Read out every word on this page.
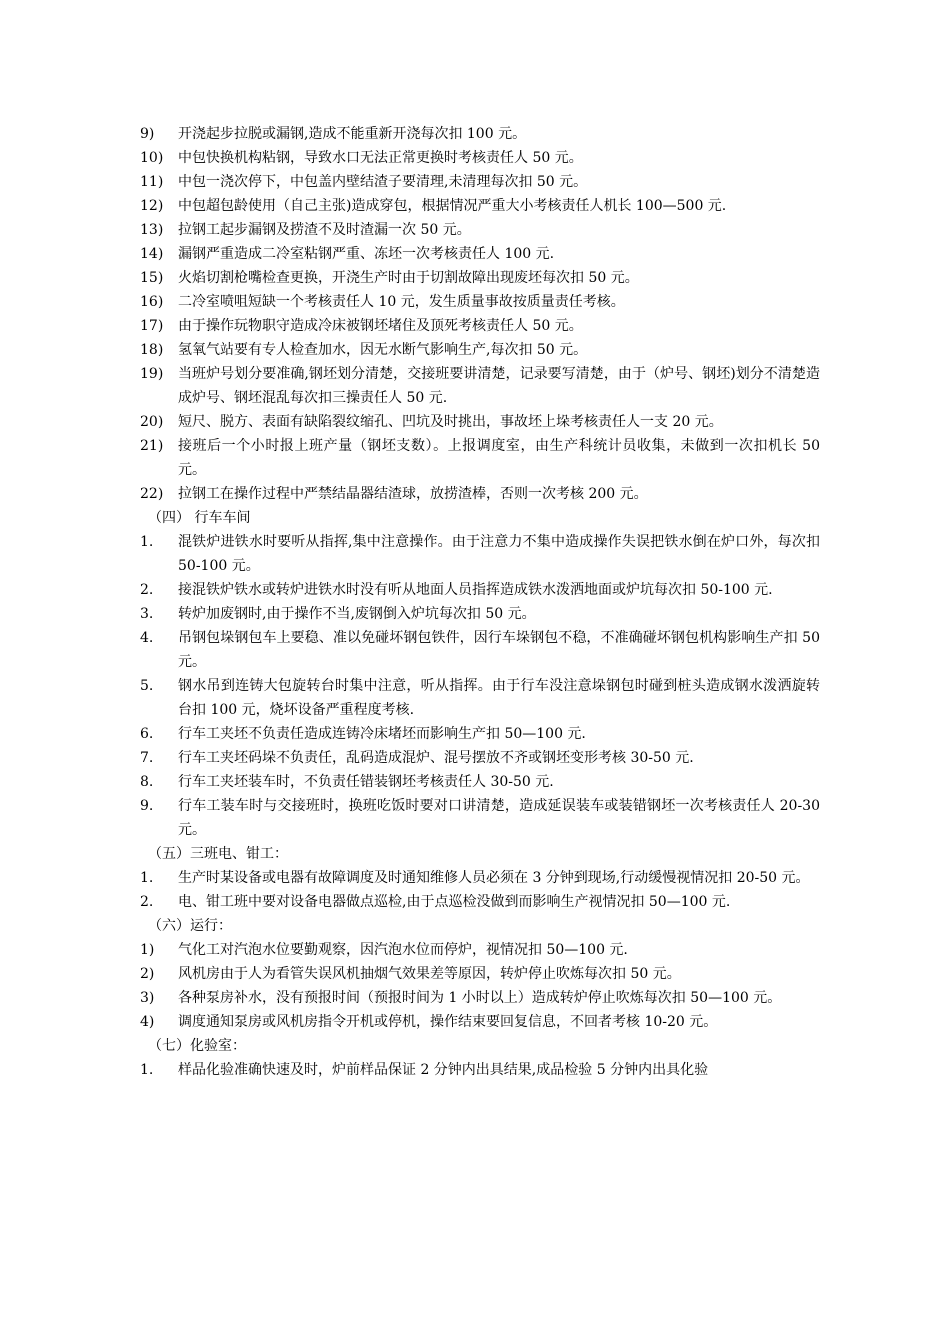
9)	开浇起步拉脱或漏钢,造成不能重新开浇每次扣 100 元。
10)	中包快换机构粘钢，导致水口无法正常更换时考核责任人 50 元。
11)	中包一浇次停下，中包盖内壁结渣子要清理,未清理每次扣 50 元。
12)	中包超包龄使用（自己主张)造成穿包，根据情况严重大小考核责任人机长 100—500 元.
13)	拉钢工起步漏钢及捞渣不及时渣漏一次 50 元。
14)	漏钢严重造成二冷室粘钢严重、冻坯一次考核责任人 100 元.
15)	火焰切割枪嘴检查更换，开浇生产时由于切割故障出现废坯每次扣 50 元。
16)	二冷室喷咀短缺一个考核责任人 10 元，发生质量事故按质量责任考核。
17)	由于操作玩物职守造成冷床被钢坯堵住及顶死考核责任人 50 元。
18)	氢氧气站要有专人检查加水，因无水断气影响生产,每次扣 50 元。
19)	当班炉号划分要准确,钢坯划分清楚，交接班要讲清楚，记录要写清楚，由于（炉号、钢坯)划分不清楚造成炉号、钢坯混乱每次扣三操责任人 50 元.
20)	短尺、脱方、表面有缺陷裂纹缩孔、凹坑及时挑出，事故坯上垛考核责任人一支 20 元。
21)	接班后一个小时报上班产量（钢坯支数）。上报调度室，由生产科统计员收集，未做到一次扣机长 50 元。
22)	拉钢工在操作过程中严禁结晶器结渣球，放捞渣棒，否则一次考核 200 元。
（四） 行车车间
1.	混铁炉进铁水时要听从指挥,集中注意操作。由于注意力不集中造成操作失误把铁水倒在炉口外，每次扣 50-100 元。
2.	接混铁炉铁水或转炉进铁水时没有听从地面人员指挥造成铁水泼洒地面或炉坑每次扣 50-100 元.
3.	转炉加废钢时,由于操作不当,废钢倒入炉坑每次扣 50 元。
4.	吊钢包垛钢包车上要稳、准以免碰坏钢包铁件，因行车垛钢包不稳，不准确碰坏钢包机构影响生产扣 50 元。
5.	钢水吊到连铸大包旋转台时集中注意，听从指挥。由于行车没注意垛钢包时碰到桩头造成钢水泼洒旋转台扣 100 元，烧坏设备严重程度考核.
6.	行车工夹坯不负责任造成连铸冷床堵坯而影响生产扣 50—100 元.
7.	行车工夹坯码垛不负责任，乱码造成混炉、混号摆放不齐或钢坯变形考核 30-50 元.
8.	行车工夹坯装车时，不负责任错装钢坯考核责任人 30-50 元.
9.	行车工装车时与交接班时，换班吃饭时要对口讲清楚，造成延误装车或装错钢坯一次考核责任人 20-30 元。
（五）三班电、钳工：
1.	生产时某设备或电器有故障调度及时通知维修人员必须在 3 分钟到现场,行动缓慢视情况扣 20-50 元。
2.	电、钳工班中要对设备电器做点巡检,由于点巡检没做到而影响生产视情况扣 50—100 元.
（六）运行：
1)	气化工对汽泡水位要勤观察，因汽泡水位而停炉，视情况扣 50—100 元.
2)	风机房由于人为看管失误风机抽烟气效果差等原因，转炉停止吹炼每次扣 50 元。
3)	各种泵房补水，没有预报时间（预报时间为 1 小时以上）造成转炉停止吹炼每次扣 50—100 元。
4)	调度通知泵房或风机房指令开机或停机，操作结束要回复信息，不回者考核 10-20 元。
（七）化验室：
1.	样品化验准确快速及时，炉前样品保证 2 分钟内出具结果,成品检验 5 分钟内出具化验
